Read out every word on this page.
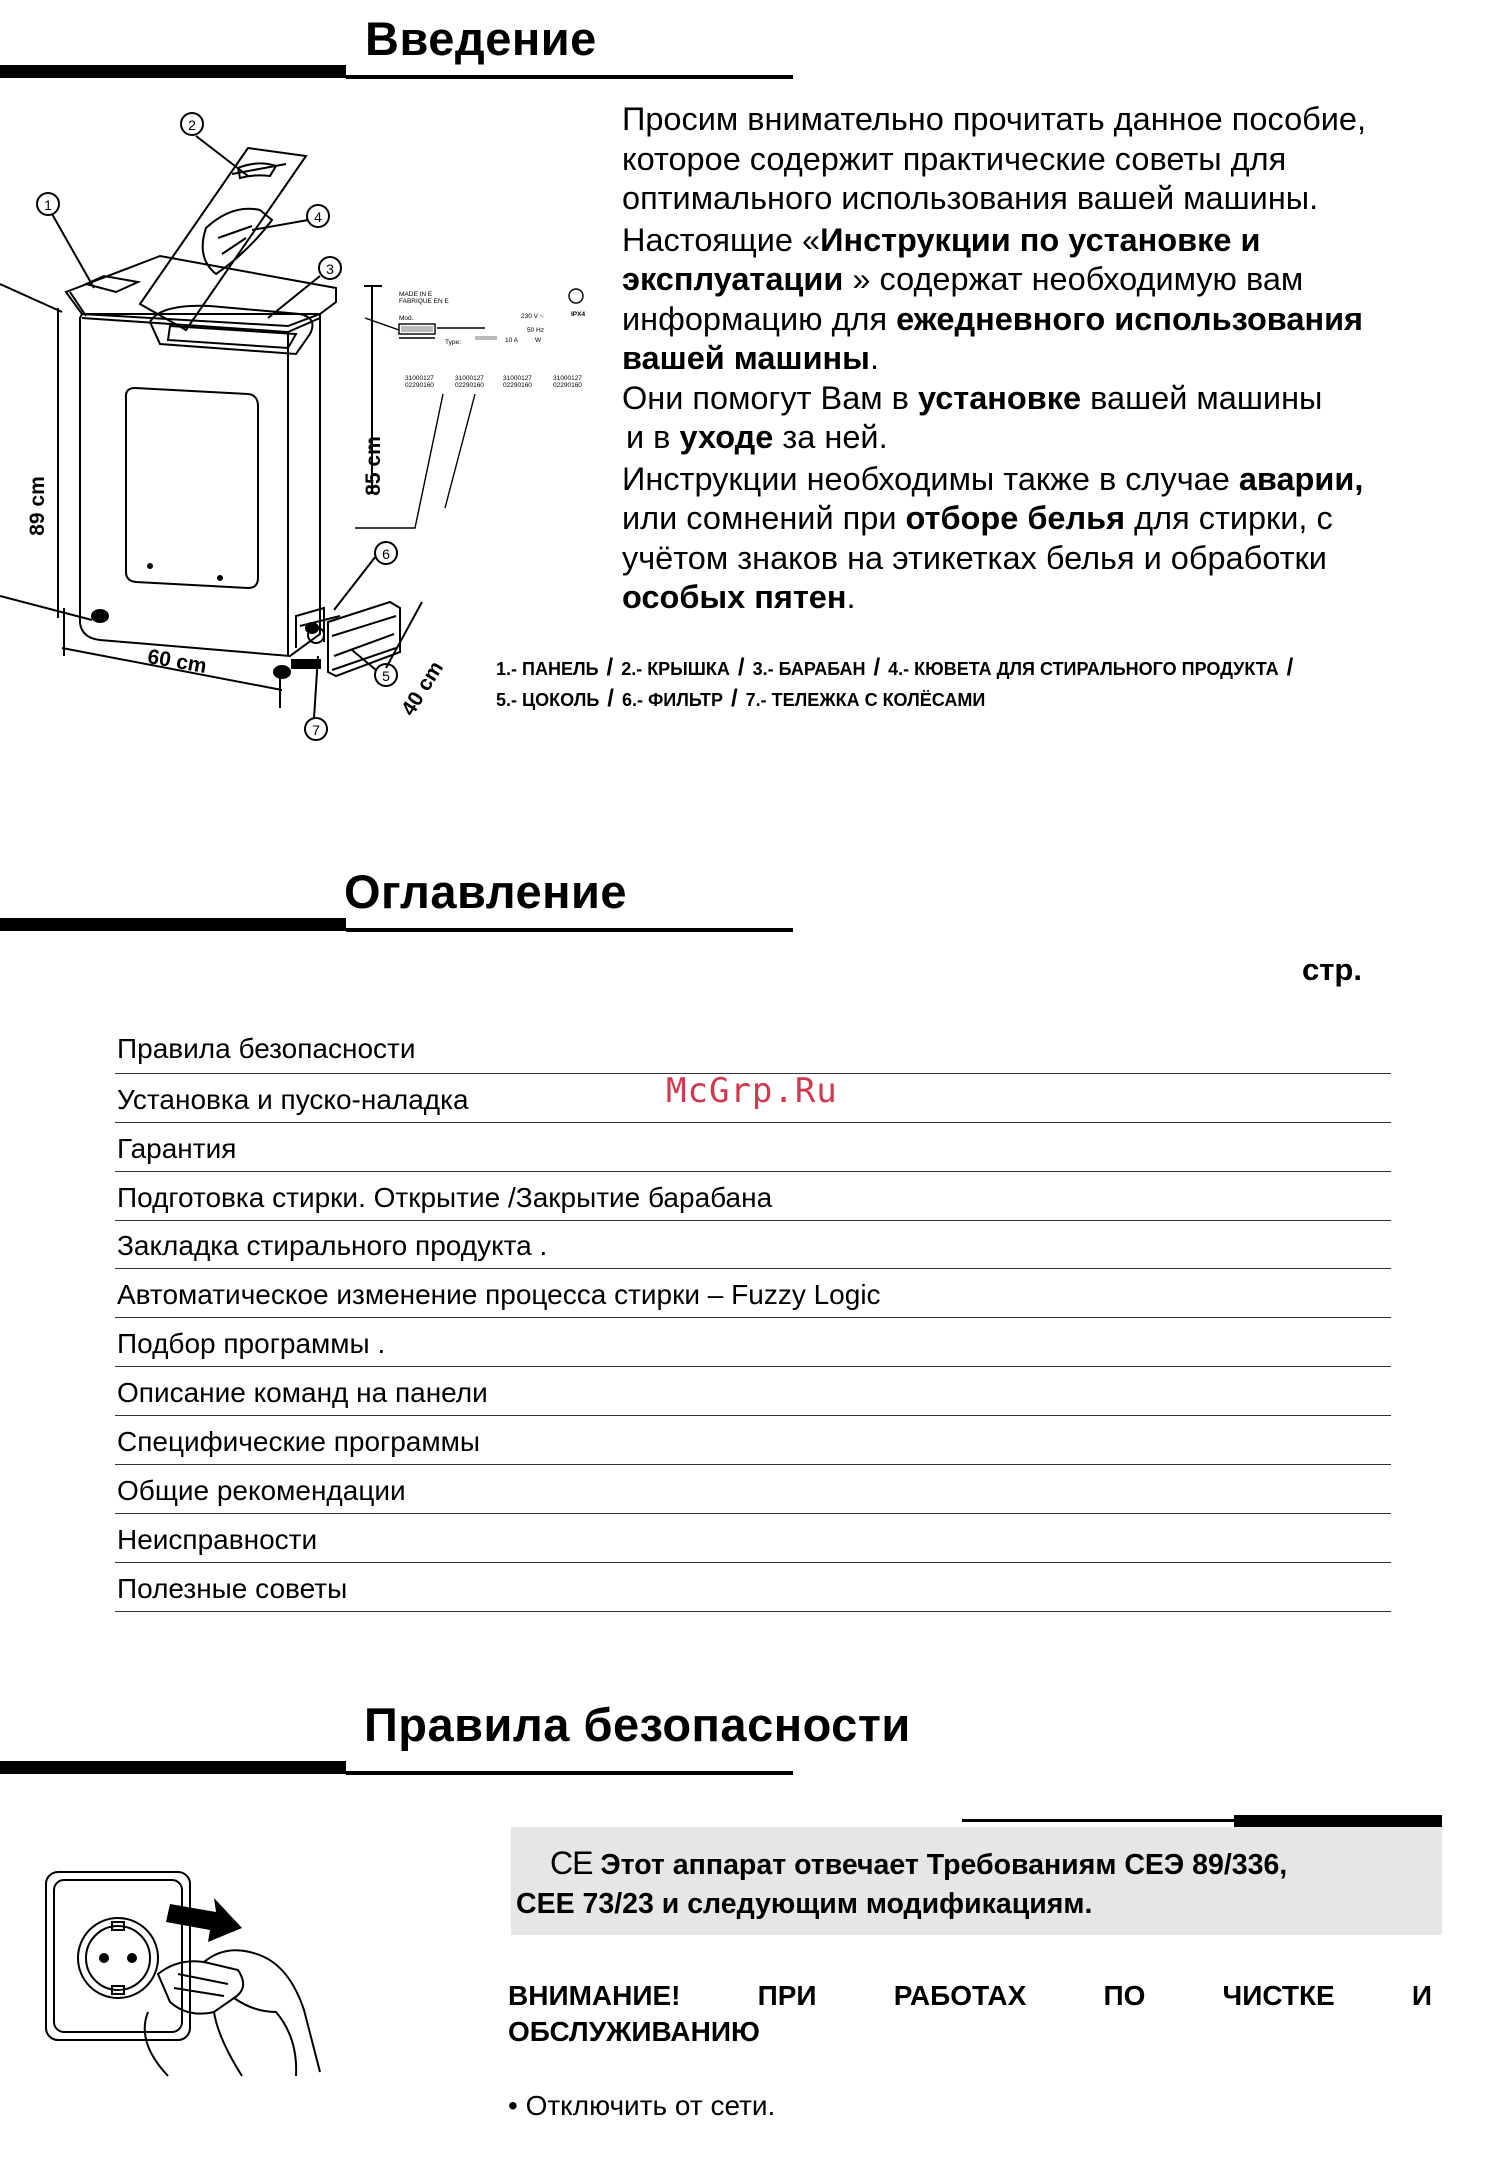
Введение
1
2
3
4
5
6
7
89 cm
85 cm
60 cm	40 cm
MADE IN E
FABRIQUE EN E
Mod.	230 V ~
50 Hz
Type:	10 A	W
31000127
02290160
31000127
02290160
31000127
02290160
31000127
02290160
IPX4

Просим внимательно прочитать данное пособие,

которое содержит практические советы для

оптимального использования вашей машины.

Настоящие «Инструкции по установке и

эксплуатации » содержат необходимую вам

информацию для ежедневного использования

вашей машины.

Они помогут Вам в установке вашей машины

и в уходе за ней.

Инструкции необходимы также в случае аварии,

или сомнений при отборе белья для стирки, с

учётом знаков на этикетках белья и обработки

особых пятен.

1.- ПАНЕЛЬ / 2.- КРЫШКА / 3.- БАРАБАН / 4.- КЮВЕТА ДЛЯ СТИРАЛЬНОГО ПРОДУКТА /
5.- ЦОКОЛЬ / 6.- ФИЛЬТР / 7.- ТЕЛЕЖКА С КОЛЁСАМИ
Оглавление
стр.
Правила безопасности
Установка и пуско-наладка
Гарантия
Подготовка стирки. Открытие /Закрытие барабана
Закладка стирального продукта .
Автоматическое изменение процесса стирки – Fuzzy Logic
Подбор программы .
Описание команд на панели
Специфические программы
Общие рекомендации
Неисправности
Полезные советы
McGrp.Ru
Правила безопасности
CE Этот аппарат отвечает Требованиям СЕЭ 89/336,
CEE 73/23 и следующим модификациям.
ВНИМАНИЕ!	ПРИ	РАБОТАХ	ПО	ЧИСТКЕ	И
ОБСЛУЖИВАНИЮ
• Отключить от сети.
